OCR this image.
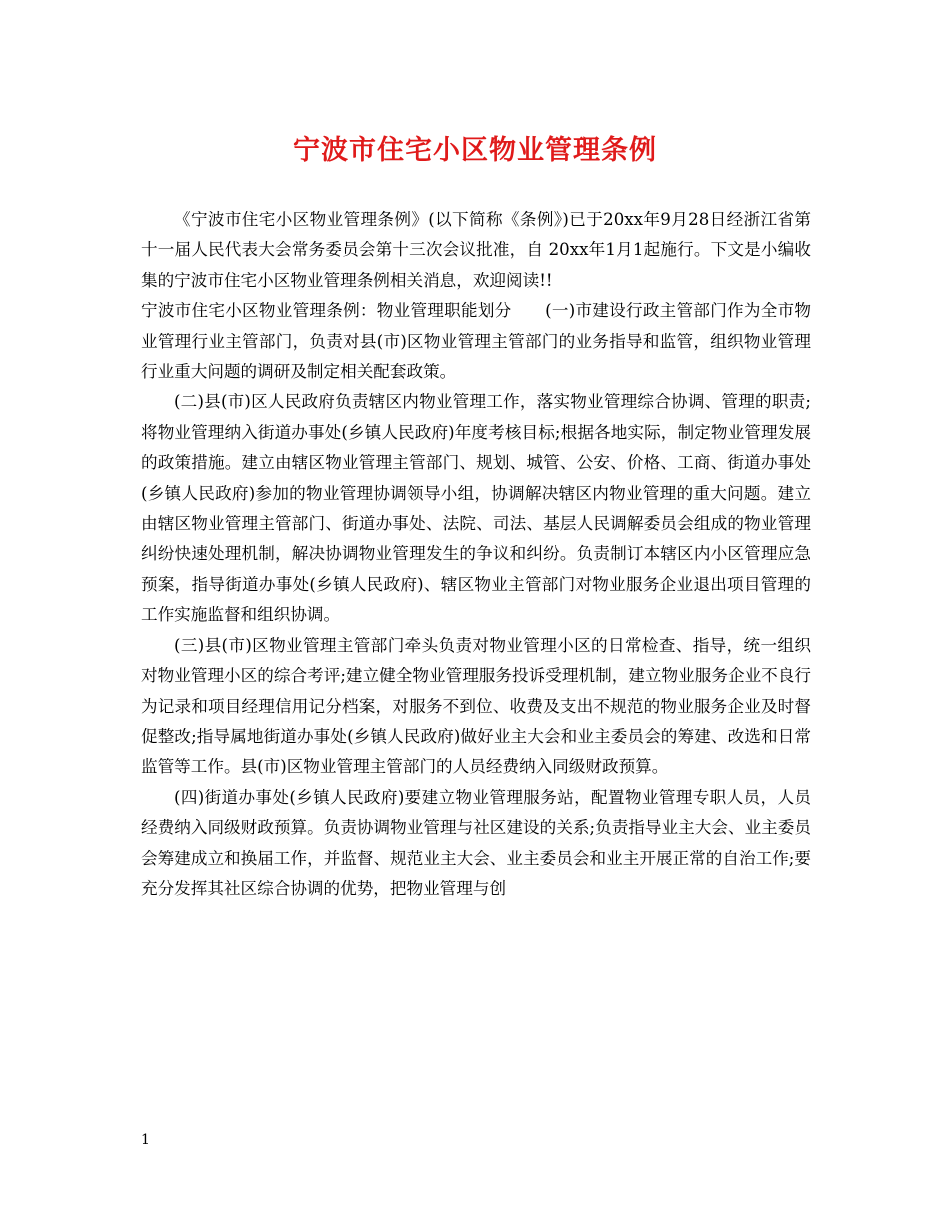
宁波市住宅小区物业管理条例

《宁波市住宅小区物业管理条例》(以下简称《条例》)已于20xx年9月28日经浙江省第十一届人民代表大会常务委员会第十三次会议批准，自 20xx年1月1起施行。下文是小编收集的宁波市住宅小区物业管理条例相关消息，欢迎阅读!!

宁波市住宅小区物业管理条例：物业管理职能划分　　(一)市建设行政主管部门作为全市物业管理行业主管部门，负责对县(市)区物业管理主管部门的业务指导和监管，组织物业管理行业重大问题的调研及制定相关配套政策。

(二)县(市)区人民政府负责辖区内物业管理工作，落实物业管理综合协调、管理的职责;将物业管理纳入街道办事处(乡镇人民政府)年度考核目标;根据各地实际，制定物业管理发展的政策措施。建立由辖区物业管理主管部门、规划、城管、公安、价格、工商、街道办事处(乡镇人民政府)参加的物业管理协调领导小组，协调解决辖区内物业管理的重大问题。建立由辖区物业管理主管部门、街道办事处、法院、司法、基层人民调解委员会组成的物业管理纠纷快速处理机制，解决协调物业管理发生的争议和纠纷。负责制订本辖区内小区管理应急预案，指导街道办事处(乡镇人民政府)、辖区物业主管部门对物业服务企业退出项目管理的工作实施监督和组织协调。

(三)县(市)区物业管理主管部门牵头负责对物业管理小区的日常检查、指导，统一组织对物业管理小区的综合考评;建立健全物业管理服务投诉受理机制，建立物业服务企业不良行为记录和项目经理信用记分档案，对服务不到位、收费及支出不规范的物业服务企业及时督促整改;指导属地街道办事处(乡镇人民政府)做好业主大会和业主委员会的筹建、改选和日常监管等工作。县(市)区物业管理主管部门的人员经费纳入同级财政预算。

(四)街道办事处(乡镇人民政府)要建立物业管理服务站，配置物业管理专职人员，人员经费纳入同级财政预算。负责协调物业管理与社区建设的关系;负责指导业主大会、业主委员会筹建成立和换届工作，并监督、规范业主大会、业主委员会和业主开展正常的自治工作;要充分发挥其社区综合协调的优势，把物业管理与创

1
